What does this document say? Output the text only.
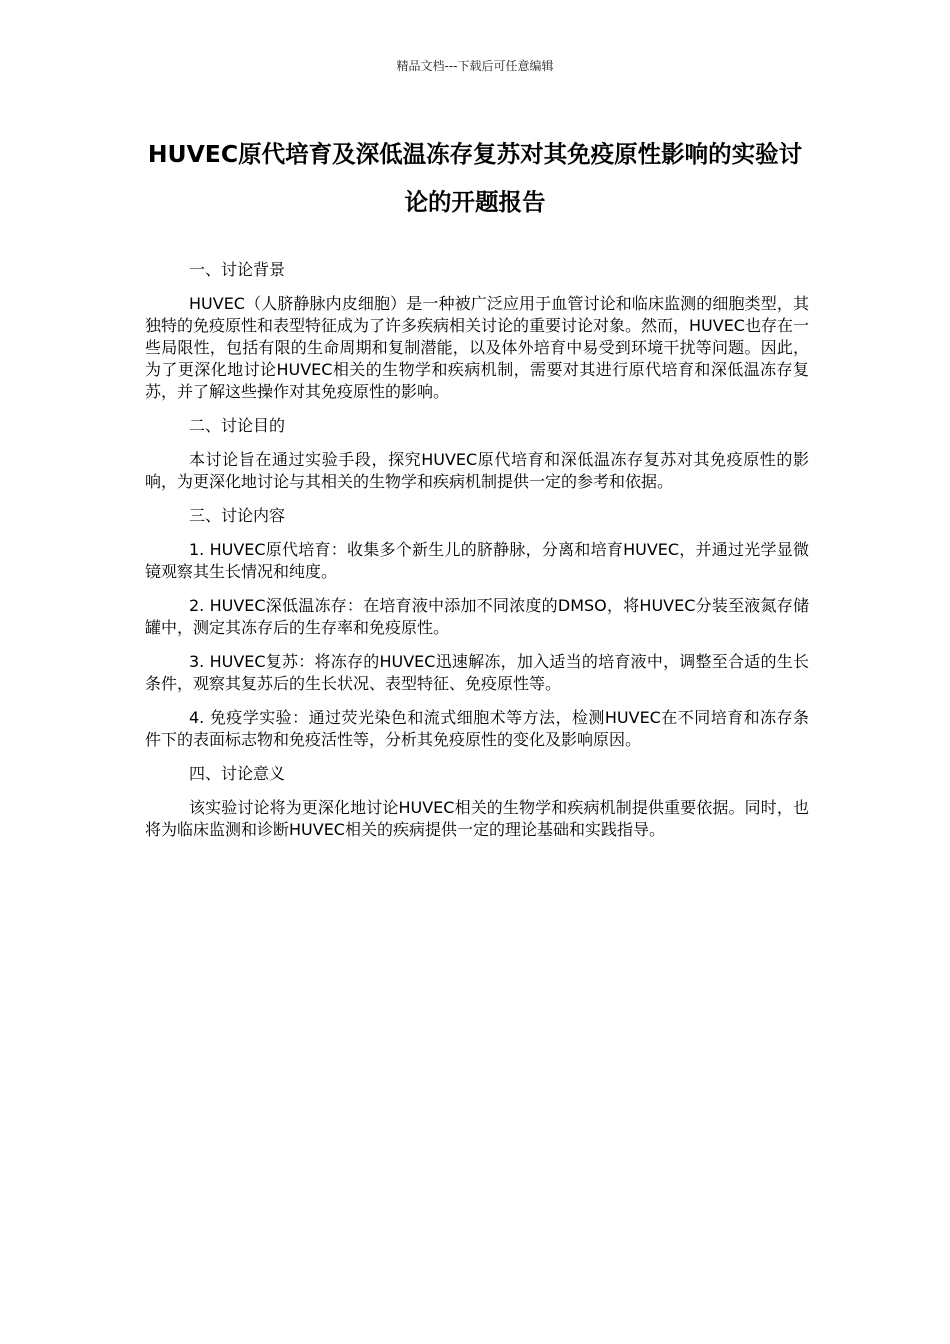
精品文档---下载后可任意编辑
HUVEC原代培育及深低温冻存复苏对其免疫原性影响的实验讨论的开题报告

一、讨论背景

HUVEC（人脐静脉内皮细胞）是一种被广泛应用于血管讨论和临床监测的细胞类型，其独特的免疫原性和表型特征成为了许多疾病相关讨论的重要讨论对象。然而，HUVEC也存在一些局限性，包括有限的生命周期和复制潜能，以及体外培育中易受到环境干扰等问题。因此，为了更深化地讨论HUVEC相关的生物学和疾病机制，需要对其进行原代培育和深低温冻存复苏，并了解这些操作对其免疫原性的影响。

二、讨论目的

本讨论旨在通过实验手段，探究HUVEC原代培育和深低温冻存复苏对其免疫原性的影响，为更深化地讨论与其相关的生物学和疾病机制提供一定的参考和依据。

三、讨论内容

1. HUVEC原代培育：收集多个新生儿的脐静脉，分离和培育HUVEC，并通过光学显微镜观察其生长情况和纯度。

2. HUVEC深低温冻存：在培育液中添加不同浓度的DMSO，将HUVEC分装至液氮存储罐中，测定其冻存后的生存率和免疫原性。

3. HUVEC复苏：将冻存的HUVEC迅速解冻，加入适当的培育液中，调整至合适的生长条件，观察其复苏后的生长状况、表型特征、免疫原性等。

4. 免疫学实验：通过荧光染色和流式细胞术等方法，检测HUVEC在不同培育和冻存条件下的表面标志物和免疫活性等，分析其免疫原性的变化及影响原因。

四、讨论意义

该实验讨论将为更深化地讨论HUVEC相关的生物学和疾病机制提供重要依据。同时，也将为临床监测和诊断HUVEC相关的疾病提供一定的理论基础和实践指导。
